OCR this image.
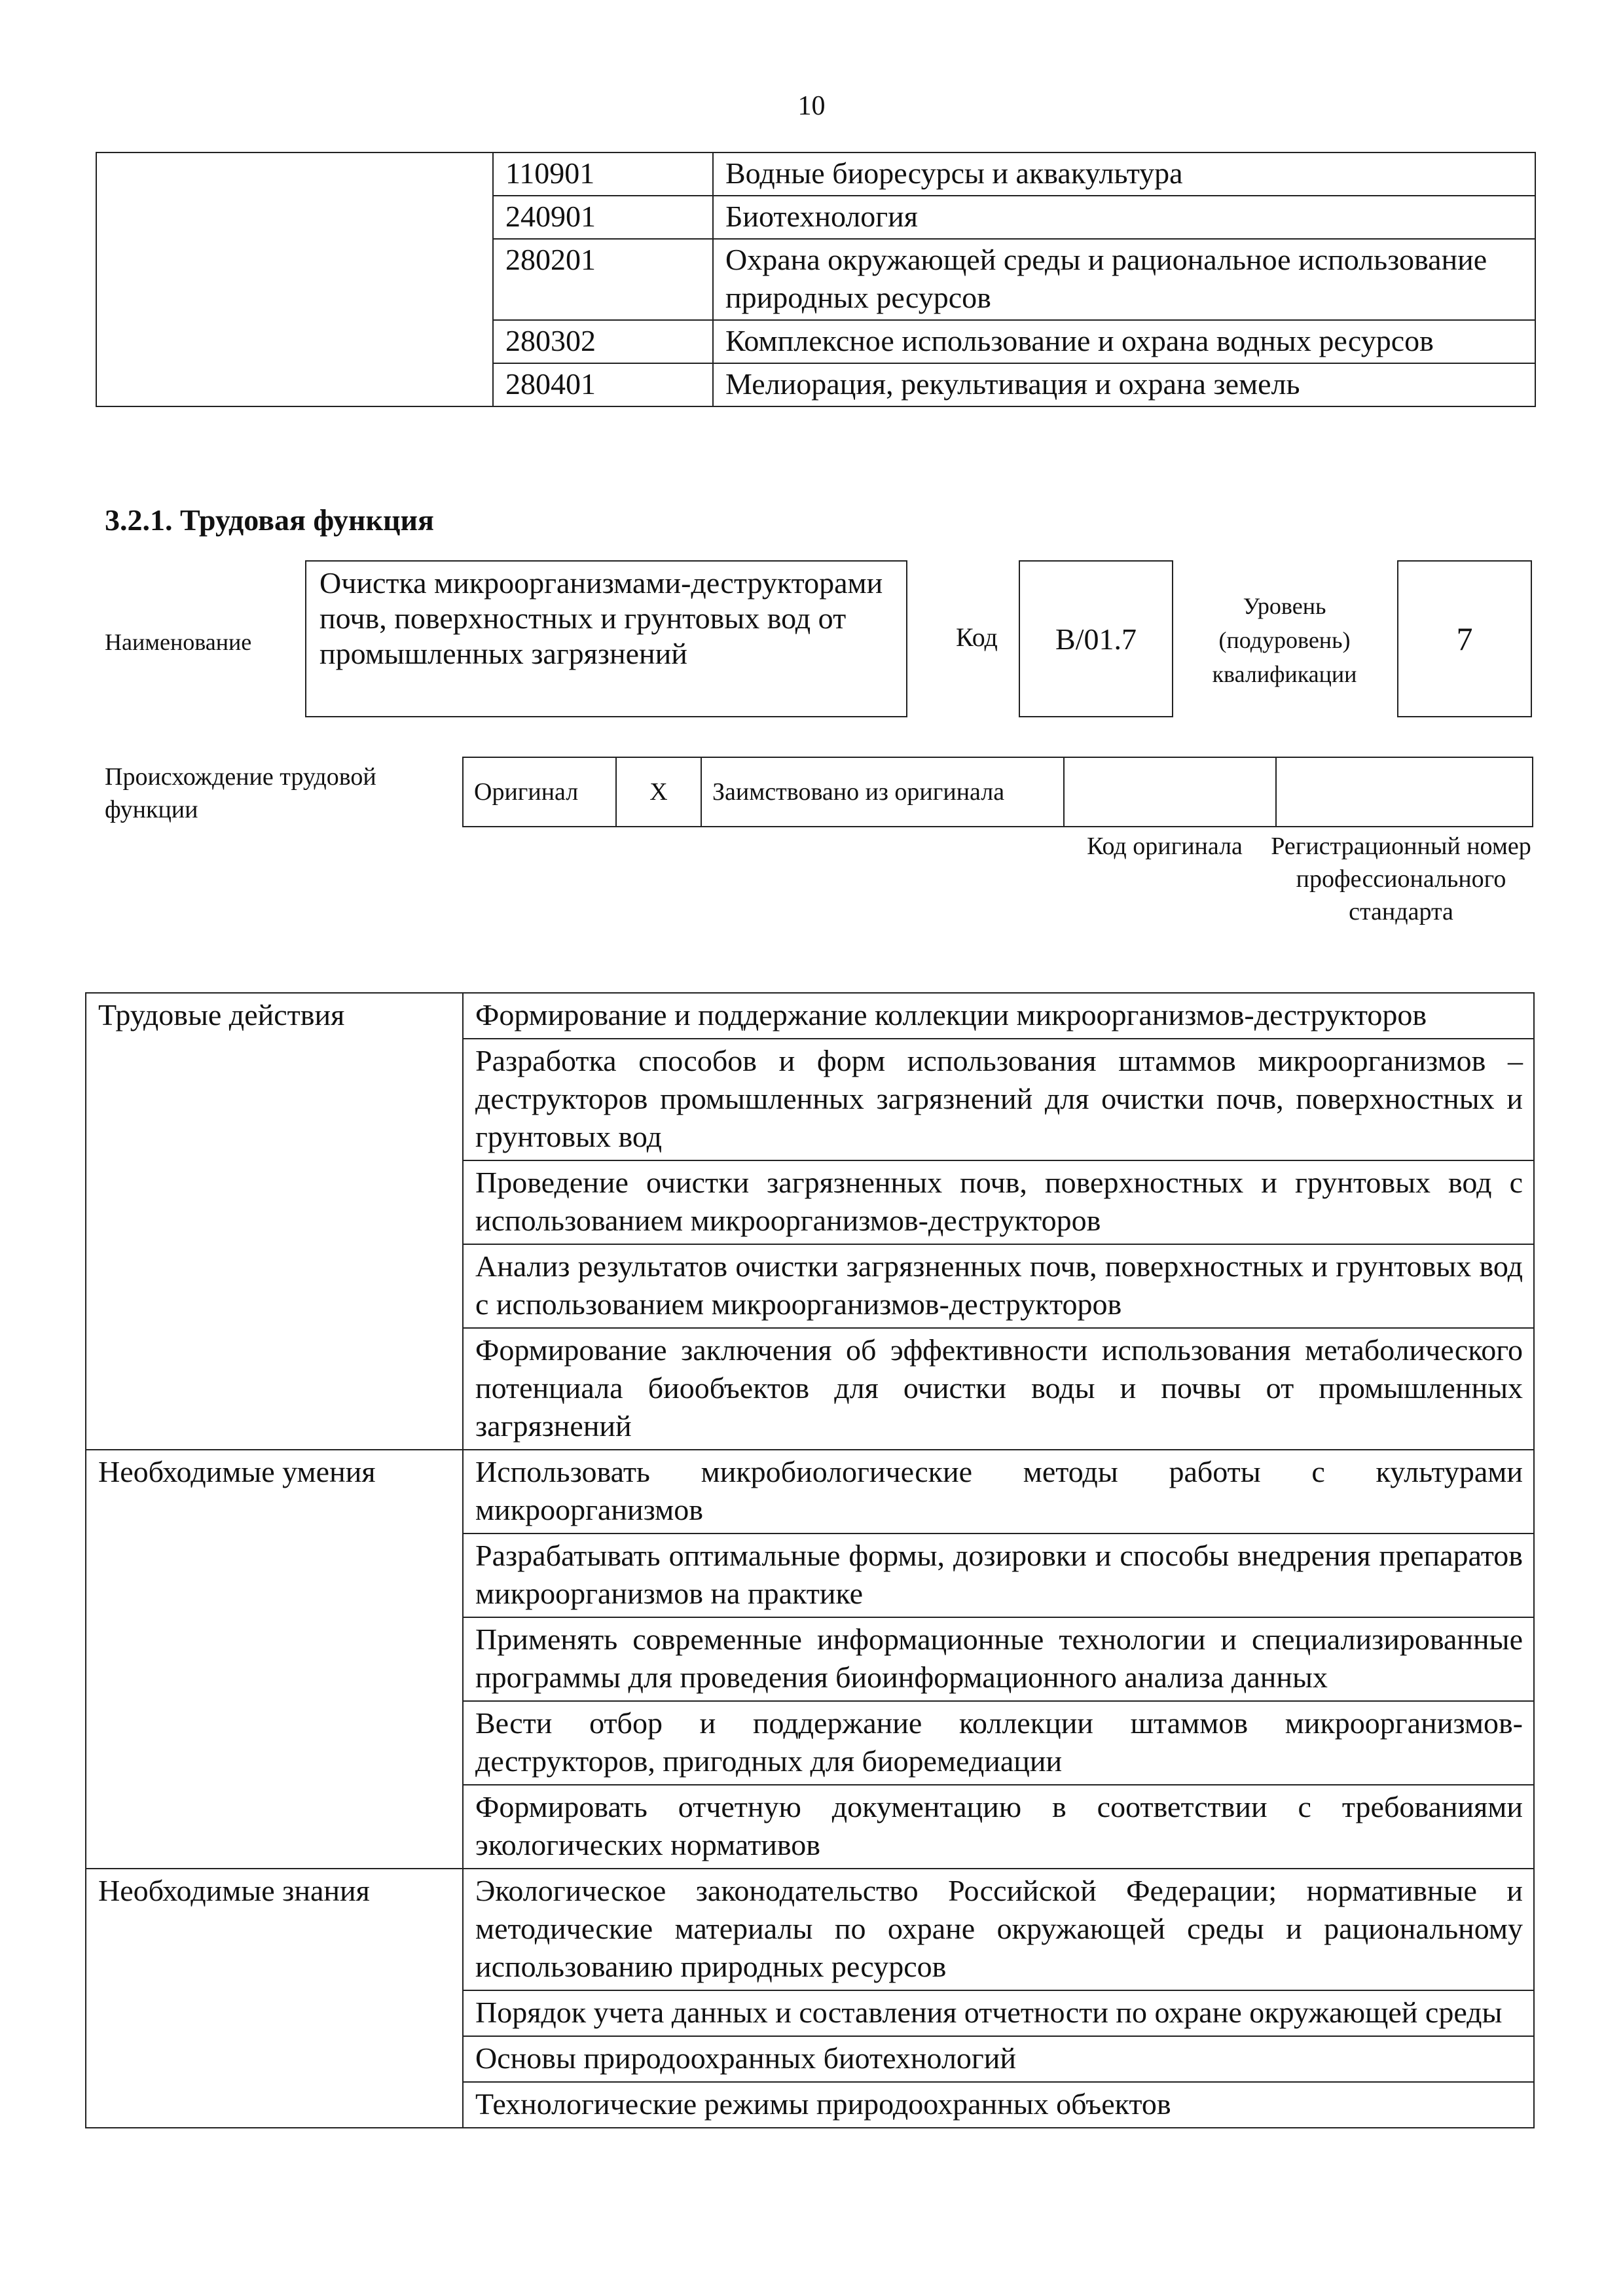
10
	110901	Водные биоресурсы и аквакультура
	240901	Биотехнология
	280201	Охрана окружающей среды и рациональное использование природных ресурсов
	280302	Комплексное использование и охрана водных ресурсов
	280401	Мелиорация, рекультивация и охрана земель
3.2.1. Трудовая функция
Наименование
Очистка микроорганизмами-деструкторами почв, поверхностных и грунтовых вод от промышленных загрязнений	Код	B/01.7
Уровень (подуровень) квалификации
7
Происхождение трудовой функции
Оригинал	X	Заимствовано из оригинала		
Код оригинала Регистрационный номер профессионального стандарта
Трудовые действия	Формирование и поддержание коллекции микроорганизмов-деструкторов
	Разработка способов и форм использования штаммов микроорганизмов – деструкторов промышленных загрязнений для очистки почв, поверхностных и грунтовых вод
	Проведение очистки загрязненных почв, поверхностных и грунтовых вод с использованием микроорганизмов-деструкторов
	Анализ результатов очистки загрязненных почв, поверхностных и грунтовых вод с использованием микроорганизмов-деструкторов
	Формирование заключения об эффективности использования метаболического потенциала биообъектов для очистки воды и почвы от промышленных загрязнений
Необходимые умения	Использовать микробиологические методы работы с культурами микроорганизмов
	Разрабатывать оптимальные формы, дозировки и способы внедрения препаратов микроорганизмов на практике
	Применять современные информационные технологии и специализированные программы для проведения биоинформационного анализа данных
	Вести отбор и поддержание коллекции штаммов микроорганизмов-деструкторов, пригодных для биоремедиации
	Формировать отчетную документацию в соответствии с требованиями экологических нормативов
Необходимые знания	Экологическое законодательство Российской Федерации; нормативные и методические материалы по охране окружающей среды и рациональному использованию природных ресурсов
	Порядок учета данных и составления отчетности по охране окружающей среды
	Основы природоохранных биотехнологий
	Технологические режимы природоохранных объектов
